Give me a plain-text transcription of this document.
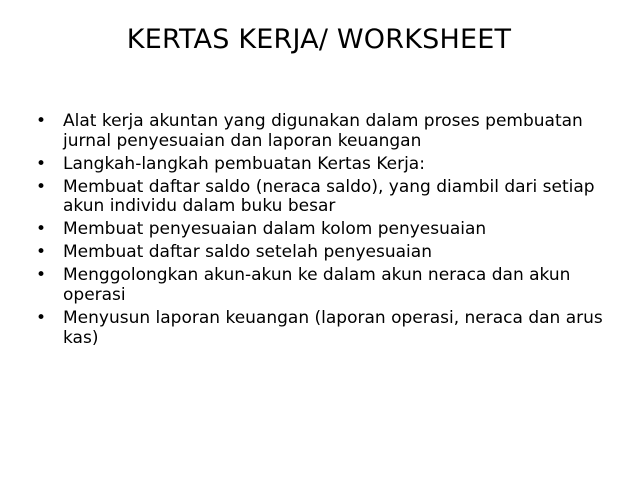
KERTAS KERJA/ WORKSHEET
• Alat kerja akuntan yang digunakan dalam proses pembuatan jurnal penyesuaian dan laporan keuangan
• Langkah-langkah pembuatan Kertas Kerja:
• Membuat daftar saldo (neraca saldo), yang diambil dari setiap akun individu dalam buku besar
• Membuat penyesuaian dalam kolom penyesuaian
• Membuat daftar saldo setelah penyesuaian
• Menggolongkan akun-akun ke dalam akun neraca dan akun operasi
• Menyusun laporan keuangan (laporan operasi, neraca dan arus kas)
